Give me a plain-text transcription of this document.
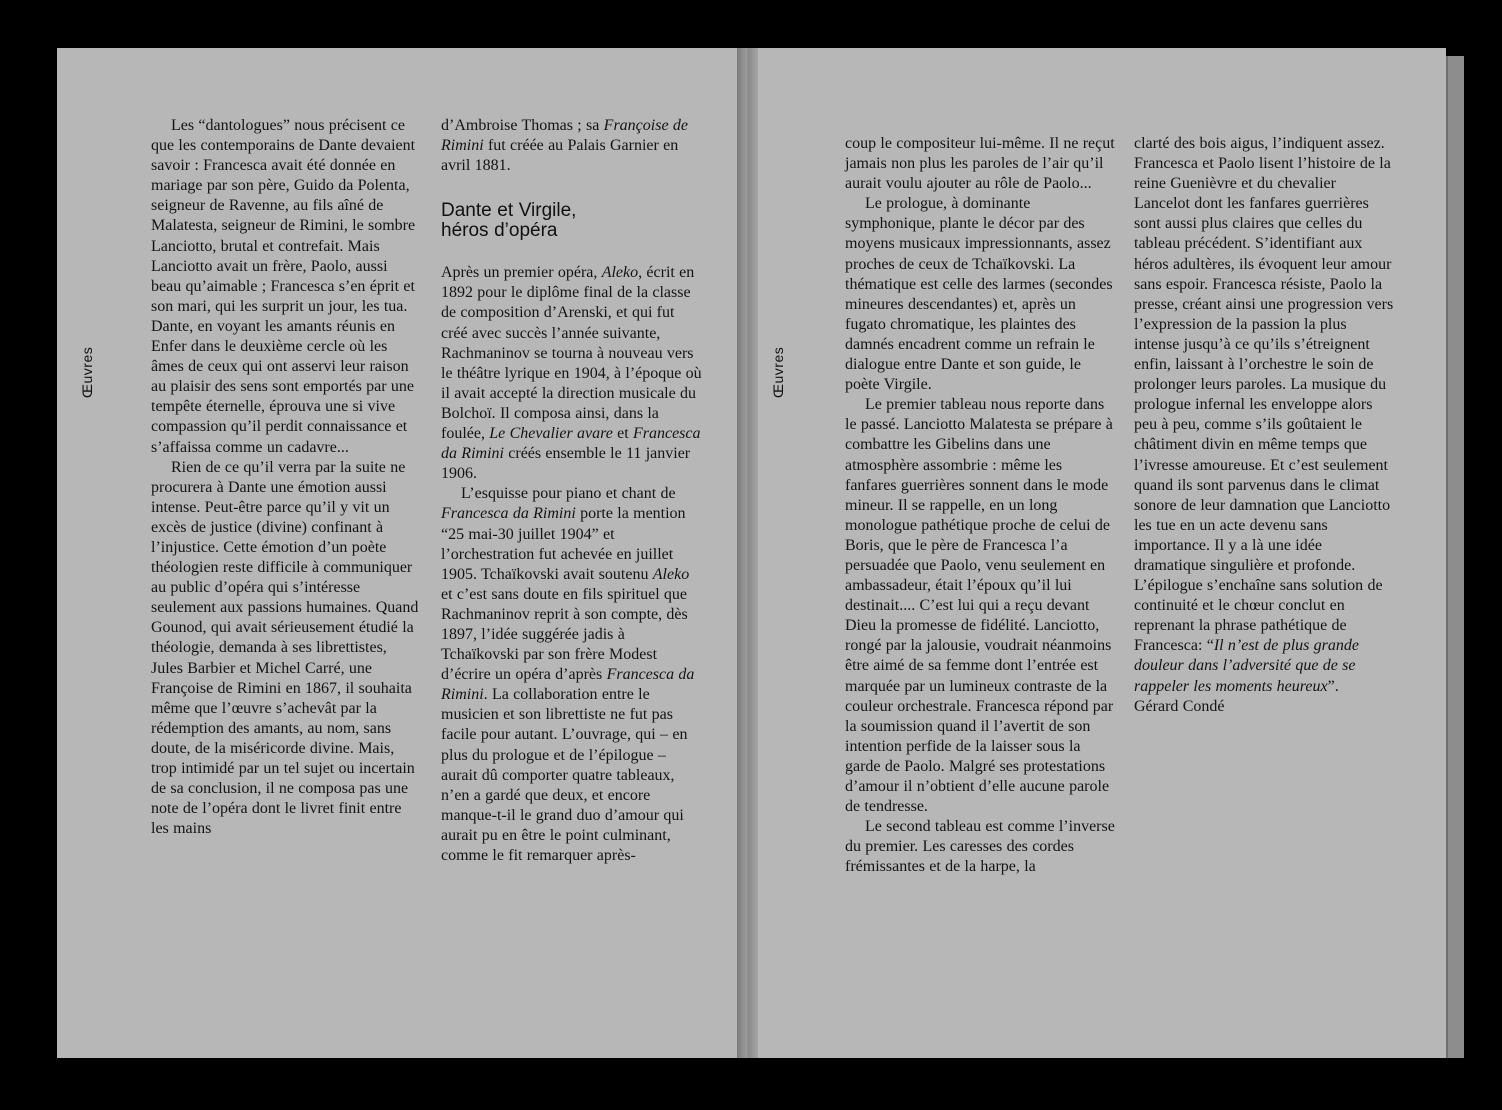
Œuvres

Les “dantologues” nous précisent ce que les contemporains de Dante devaient savoir : Francesca avait été donnée en mariage par son père, Guido da Polenta, seigneur de Ravenne, au fils aîné de Malatesta, seigneur de Rimini, le sombre Lanciotto, brutal et contrefait. Mais Lanciotto avait un frère, Paolo, aussi beau qu’aimable ; Francesca s’en éprit et son mari, qui les surprit un jour, les tua. Dante, en voyant les amants réunis en Enfer dans le deuxième cercle où les âmes de ceux qui ont asservi leur raison au plaisir des sens sont emportés par une tempête éternelle, éprouva une si vive compassion qu’il perdit connaissance et s’affaissa comme un cadavre...

Rien de ce qu’il verra par la suite ne procurera à Dante une émotion aussi intense. Peut-être parce qu’il y vit un excès de justice (divine) confinant à l’injustice. Cette émotion d’un poète théologien reste difficile à communiquer au public d’opéra qui s’intéresse seulement aux passions humaines. Quand Gounod, qui avait sérieusement étudié la théologie, demanda à ses librettistes, Jules Barbier et Michel Carré, une Françoise de Rimini en 1867, il souhaita même que l’œuvre s’achevât par la rédemption des amants, au nom, sans doute, de la miséricorde divine. Mais, trop intimidé par un tel sujet ou incertain de sa conclusion, il ne composa pas une note de l’opéra dont le livret finit entre les mains

d’Ambroise Thomas ; sa Françoise de Rimini fut créée au Palais Garnier en avril 1881.

Dante et Virgile,
héros d’opéra

Après un premier opéra, Aleko, écrit en 1892 pour le diplôme final de la classe de composition d’Arenski, et qui fut créé avec succès l’année suivante, Rachmaninov se tourna à nouveau vers le théâtre lyrique en 1904, à l’époque où il avait accepté la direction musicale du Bolchoï. Il composa ainsi, dans la foulée, Le Chevalier avare et Francesca da Rimini créés ensemble le 11 janvier 1906.

L’esquisse pour piano et chant de Francesca da Rimini porte la mention “25 mai-30 juillet 1904” et l’orchestration fut achevée en juillet 1905. Tchaïkovski avait soutenu Aleko et c’est sans doute en fils spirituel que Rachmaninov reprit à son compte, dès 1897, l’idée suggérée jadis à Tchaïkovski par son frère Modest d’écrire un opéra d’après Francesca da Rimini. La collaboration entre le musicien et son librettiste ne fut pas facile pour autant. L’ouvrage, qui – en plus du prologue et de l’épilogue – aurait dû comporter quatre tableaux, n’en a gardé que deux, et encore manque-t-il le grand duo d’amour qui aurait pu en être le point culminant, comme le fit remarquer après-

Œuvres

coup le compositeur lui-même. Il ne reçut jamais non plus les paroles de l’air qu’il aurait voulu ajouter au rôle de Paolo...

Le prologue, à dominante symphonique, plante le décor par des moyens musicaux impressionnants, assez proches de ceux de Tchaïkovski. La thématique est celle des larmes (secondes mineures descendantes) et, après un fugato chromatique, les plaintes des damnés encadrent comme un refrain le dialogue entre Dante et son guide, le poète Virgile.

Le premier tableau nous reporte dans le passé. Lanciotto Malatesta se prépare à combattre les Gibelins dans une atmosphère assombrie : même les fanfares guerrières sonnent dans le mode mineur. Il se rappelle, en un long monologue pathétique proche de celui de Boris, que le père de Francesca l’a persuadée que Paolo, venu seulement en ambassadeur, était l’époux qu’il lui destinait.... C’est lui qui a reçu devant Dieu la promesse de fidélité. Lanciotto, rongé par la jalousie, voudrait néanmoins être aimé de sa femme dont l’entrée est marquée par un lumineux contraste de la couleur orchestrale. Francesca répond par la soumission quand il l’avertit de son intention perfide de la laisser sous la garde de Paolo. Malgré ses protestations d’amour il n’obtient d’elle aucune parole de tendresse.

Le second tableau est comme l’inverse du premier. Les caresses des cordes frémissantes et de la harpe, la

clarté des bois aigus, l’indiquent assez. Francesca et Paolo lisent l’histoire de la reine Guenièvre et du chevalier Lancelot dont les fanfares guerrières sont aussi plus claires que celles du tableau précédent. S’identifiant aux héros adultères, ils évoquent leur amour sans espoir. Francesca résiste, Paolo la presse, créant ainsi une progression vers l’expression de la passion la plus intense jusqu’à ce qu’ils s’étreignent enfin, laissant à l’orchestre le soin de prolonger leurs paroles. La musique du prologue infernal les enveloppe alors peu à peu, comme s’ils goûtaient le châtiment divin en même temps que l’ivresse amoureuse. Et c’est seulement quand ils sont parvenus dans le climat sonore de leur damnation que Lanciotto les tue en un acte devenu sans importance. Il y a là une idée dramatique singulière et profonde. L’épilogue s’enchaîne sans solution de continuité et le chœur conclut en reprenant la phrase pathétique de Francesca: “Il n’est de plus grande douleur dans l’adversité que de se rappeler les moments heureux”.

Gérard Condé
